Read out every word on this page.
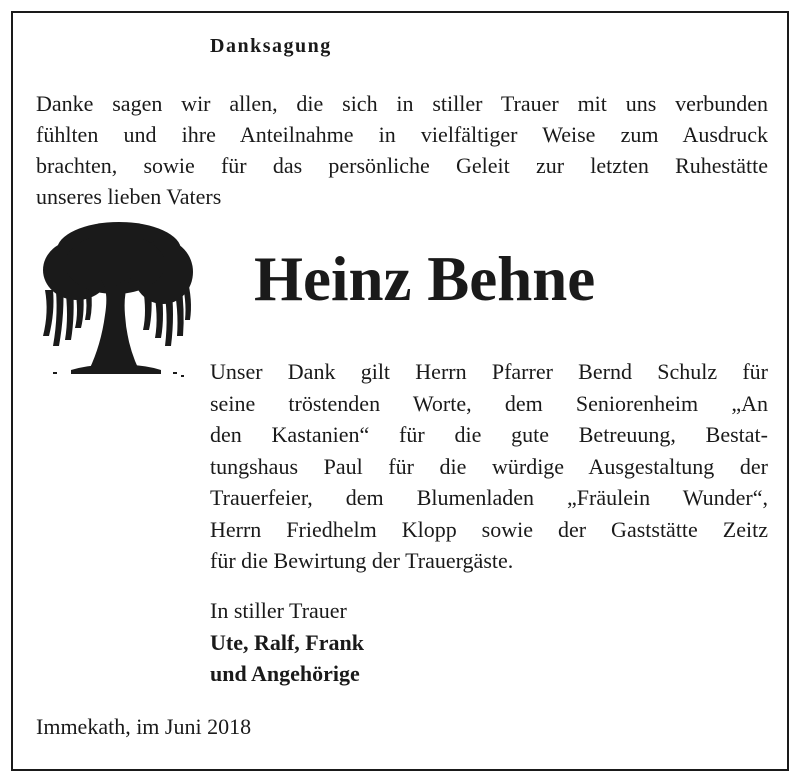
Danksagung
Danke sagen wir allen, die sich in stiller Trauer mit uns verbunden
fühlten und ihre Anteilnahme in vielfältiger Weise zum Ausdruck
brachten, sowie für das persönliche Geleit zur letzten Ruhestätte
unseres lieben Vaters
Heinz Behne
Unser Dank gilt Herrn Pfarrer Bernd Schulz für
seine tröstenden Worte, dem Seniorenheim „An
den Kastanien“ für die gute Betreuung, Bestat-
tungshaus Paul für die würdige Ausgestaltung der
Trauerfeier, dem Blumenladen „Fräulein Wunder“,
Herrn Friedhelm Klopp sowie der Gaststätte Zeitz
für die Bewirtung der Trauergäste.
In stiller Trauer
Ute, Ralf, Frank
und Angehörige
Immekath, im Juni 2018
